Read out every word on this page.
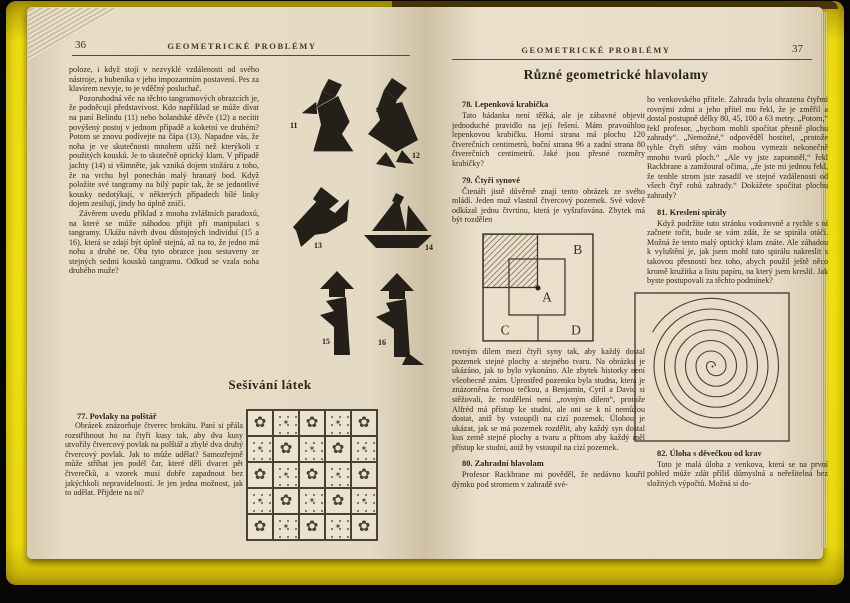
36	GEOMETRICKÉ PROBLÉMY

poloze, i když stojí v nezvyklé vzdálenosti od svého nástroje, a bubeníka v jeho impozantním postavení. Pes za klavírem nevyje, to je vděčný posluchač.

Pozoruhodná věc na těchto tangramových obrazcích je, že podněcují představivost. Kdo například se může dívat na paní Belindu (11) nebo holandské děvče (12) a necítit povýšený postoj v jednom případě a koketní ve druhém? Potom se znovu podívejte na čápa (13). Napadne vás, že noha je ve skutečnosti mnohem užší než kterýkoli z použitých kousků. Je to skutečně optický klam. V případě jachty (14) si všimněte, jak vzniká dojem stožáru z toho, že na vrchu byl ponechán malý hranatý bod. Když položíte své tangramy na bílý papír tak, že se jednotlivé kousky nedotýkají, v některých případech bílé linky dojem zesilují, jindy ho úplně zničí.

Závěrem uvedu příklad z mnoha zvláštních paradoxů, na které se může náhodou přijít při manipulaci s tangramy. Ukážu návrh dvou důstojných individuí (15 a 16), která se zdají být úplně stejná, až na to, že jedno má nohu a druhé ne. Oba tyto obrazce jsou sestaveny ze stejných sedmi kousků tangramu. Odkud se vzala noha druhého muže?

11
12
13	14
15	16
Sešívání látek
77. Povlaky na polštář

Obrázek znázorňuje čtverec brokátu. Paní si přála rozstřihnout ho na čtyři kusy tak, aby dva kusy utvořily čtvercový povlak na polštář a zbylé dva druhý čtvercový povlak. Jak to může udělat? Samozřejmě může stříhat jen podél čar, které dělí dvacet pět čtverečků, a vzorek musí dobře zapadnout bez jakýchkoli nepravidelností. Je jen jedna možnost, jak to udělat. Přijdete na ni?

✿ ✶ ✿ ✶ ✿
✶ ✿ ✶ ✿ ✶
✿ ✶ ✿ ✶ ✿
✶ ✿ ✶ ✿ ✶
✿ ✶ ✿ ✶ ✿
GEOMETRICKÉ PROBLÉMY	37
Různé geometrické hlavolamy
78. Lepenková krabička

Tato hádanka není těžká, ale je zábavné objevit jednoduché pravidlo na její řešení. Mám pravoúhlou lepenkovou krabičku. Horní strana má plochu 120 čtverečních centimetrů, boční strana 96 a zadní strana 80 čtverečních centimetrů. Jaké jsou přesné rozměry krabičky?

79. Čtyři synové

Čtenáři jistě důvěrně znají tento obrázek ze svého mládí. Jeden muž vlastnil čtvercový pozemek. Své vdově odkázal jednu čtvrtinu, která je vyšrafována. Zbytek má být rozdělen

B
A
C	D

rovným dílem mezi čtyři syny tak, aby každý dostal pozemek stejné plochy a stejného tvaru. Na obrázku je ukázáno, jak to bylo vykonáno. Ale zbytek historky není všeobecně znám. Uprostřed pozemku byla studna, která je znázorněna černou tečkou, a Benjamin, Cyril a David si stěžovali, že rozdělení není „rovným dílem“, protože Alfréd má přístup ke studni, ale oni se k ní nemůžou dostat, aniž by vstoupili na cizí pozemek. Úlohou je ukázat, jak se má pozemek rozdělit, aby každý syn dostal kus země stejné plochy a tvaru a přitom aby každý měl přístup ke studni, aniž by vstoupil na cizí pozemek.

80. Zahradní hlavolam

Profesor Rackbrane mi pověděl, že nedávno kouřil dýmku pod stromem v zahradě své-

ho venkovského přítele. Zahrada byla ohrazena čtyřmi rovnými zdmi a jeho přítel mu řekl, že je změřil a dostal postupně délky 80, 45, 100 a 63 metry. „Potom,“ řekl profesor, „bychom mohli spočítat přesně plochu zahrady“. „Nemožné,“ odpověděl hostitel, „protože tyhle čtyři stěny vám mohou vymezit nekonečně mnoho tvarů ploch.“ „Ale vy jste zapomněl,“ řekl Rackbrane a zamžoural očima, „že jste mi jednou řekl, že tenhle strom jste zasadil ve stejné vzdálenosti od všech čtyř rohů zahrady.“ Dokážete spočítat plochu zahrady?

81. Kreslení spirály

Když podržíte tuto stránku vodorovně a rychle s ní začnete točit, bude se vám zdát, že se spirála otáčí. Možná že tento malý optický klam znáte. Ale záhadou k vyluštění je, jak jsem mohl tuto spirálu nakreslit s takovou přesností bez toho, abych použil ještě něco kromě kružítka a listu papíru, na který jsem kreslil. Jak byste postupovali za těchto podmínek?

82. Úloha s děvečkou od krav

Toto je malá úloha z venkova, která se na první pohled může zdát příliš důmyslná a neřešitelná bez složitých výpočtů. Možná si do-
